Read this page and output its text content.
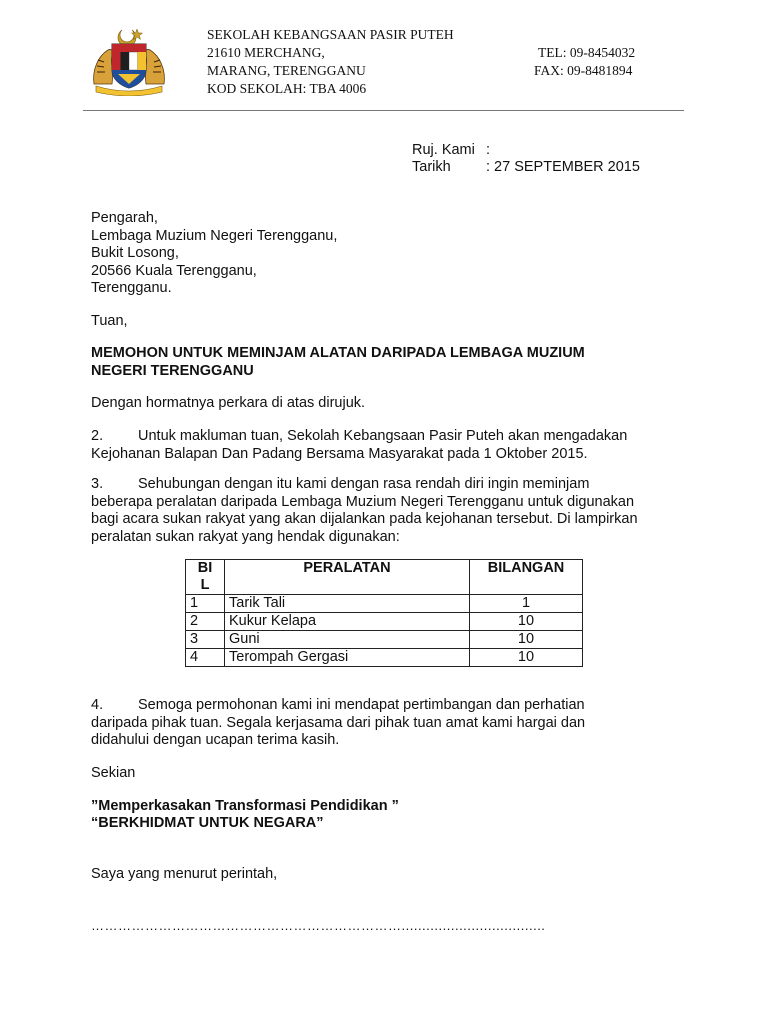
SEKOLAH KEBANGSAAN PASIR PUTEH
21610 MERCHANG,
MARANG, TERENGGANU
KOD SEKOLAH: TBA 4006
TEL: 09-8454032
FAX: 09-8481894
Ruj. Kami :
Tarikh : 27 SEPTEMBER 2015
Pengarah,
Lembaga Muzium Negeri Terengganu,
Bukit Losong,
20566 Kuala Terengganu,
Terengganu.
Tuan,
MEMOHON UNTUK MEMINJAM ALATAN DARIPADA LEMBAGA MUZIUM
NEGERI TERENGGANU
Dengan hormatnya perkara di atas dirujuk.
2. Untuk makluman tuan, Sekolah Kebangsaan Pasir Puteh akan mengadakan
Kejohanan Balapan Dan Padang Bersama Masyarakat pada 1 Oktober 2015.
3. Sehubungan dengan itu kami dengan rasa rendah diri ingin meminjam
beberapa peralatan daripada Lembaga Muzium Negeri Terengganu untuk digunakan
bagi acara sukan rakyat yang akan dijalankan pada kejohanan tersebut. Di lampirkan
peralatan sukan rakyat yang hendak digunakan:
BI
L	PERALATAN	BILANGAN
1	Tarik Tali	1
2	Kukur Kelapa	10
3	Guni	10
4	Terompah Gergasi	10
4. Semoga permohonan kami ini mendapat pertimbangan dan perhatian
daripada pihak tuan. Segala kerjasama dari pihak tuan amat kami hargai dan
didahului dengan ucapan terima kasih.
Sekian
”Memperkasakan Transformasi Pendidikan ”
“BERKHIDMAT UNTUK NEGARA”
Saya yang menurut perintah,
……………………………………………………………...................................
